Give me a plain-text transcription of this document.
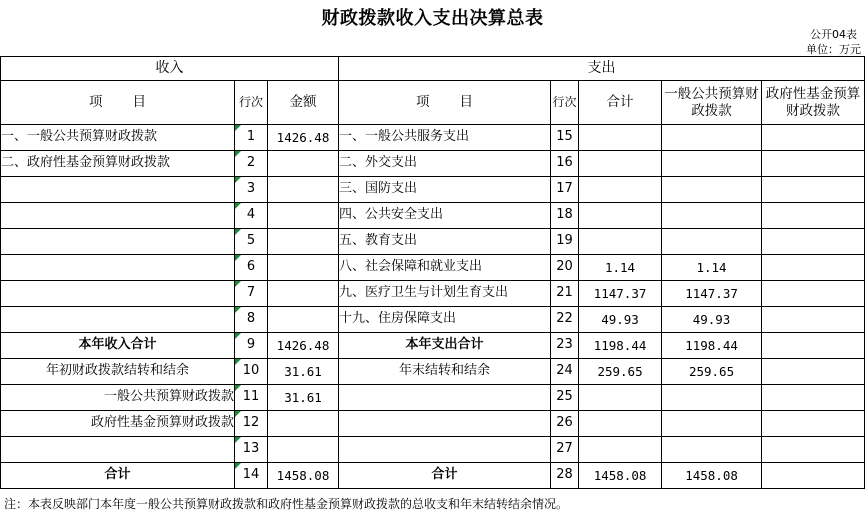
财政拨款收入支出决算总表
公开04表
单位：万元
收入			支出				
项 目	行次	金额	项 目	行次	合计	一般公共预算财政拨款	政府性基金预算财政拨款
一、一般公共预算财政拨款	1	1426.48	一、一般公共服务支出	15			
二、政府性基金预算财政拨款	2		二、外交支出	16			
	3		三、国防支出	17			
	4		四、公共安全支出	18			
	5		五、教育支出	19			
	6		八、社会保障和就业支出	20	1.14	1.14	
	7		九、医疗卫生与计划生育支出	21	1147.37	1147.37	
	8		十九、住房保障支出	22	49.93	49.93	
本年收入合计	9	1426.48	本年支出合计	23	1198.44	1198.44	
年初财政拨款结转和结余	10	31.61	年末结转和结余	24	259.65	259.65	
一般公共预算财政拨款	11	31.61		25			
政府性基金预算财政拨款	12			26			
	13			27			
合计	14	1458.08	合计	28	1458.08	1458.08	
注：本表反映部门本年度一般公共预算财政拨款和政府性基金预算财政拨款的总收支和年末结转结余情况。
